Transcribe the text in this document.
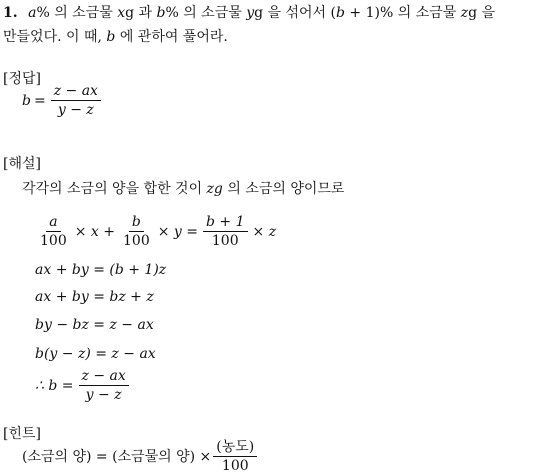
1. a% 의 소금물 xg 과 b% 의 소금물 yg 을 섞어서 (b + 1)% 의 소금물 zg 을
만들었다. 이 때, b 에 관하여 풀어라.
[정답]
$b = \frac{z - ax}{y - z}$
[해설]
각각의 소금의 양을 합한 것이 zg 의 소금의 양이므로
$\frac{a}{100} \times x + \frac{b}{100} \times y = \frac{b + 1}{100} \times z$
ax + by = (b + 1)z
ax + by = bz + z
by − bz = z − ax
b(y − z) = z − ax
∴ $b = \frac{z - ax}{y - z}$
[힌트]
(소금의 양) = (소금물의 양) × $\frac{\text{(농도)}}{100}$
